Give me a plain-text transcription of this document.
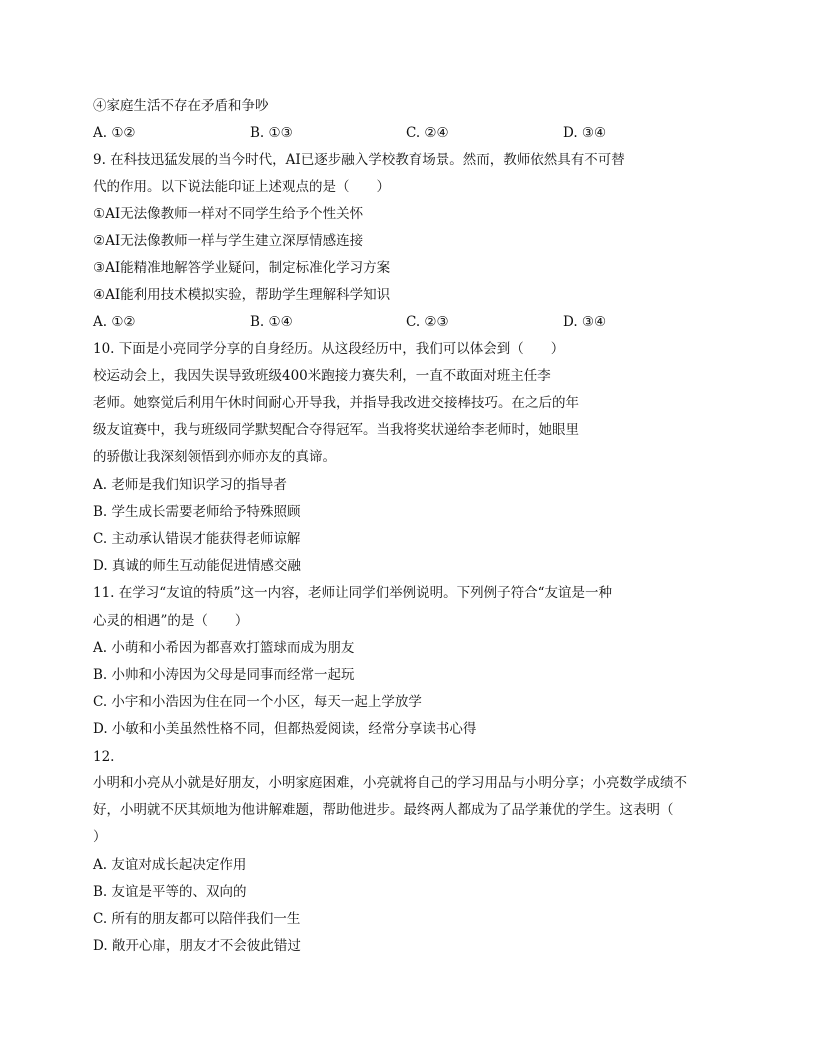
④家庭生活不存在矛盾和争吵
A. ①②	B. ①③	C. ②④	D. ③④
9. 在科技迅猛发展的当今时代，AI已逐步融入学校教育场景。然而，教师依然具有不可替
代的作用。以下说法能印证上述观点的是（　　）
①AI无法像教师一样对不同学生给予个性关怀
②AI无法像教师一样与学生建立深厚情感连接
③AI能精准地解答学业疑问，制定标准化学习方案
④AI能利用技术模拟实验，帮助学生理解科学知识
A. ①②	B. ①④	C. ②③	D. ③④
10. 下面是小亮同学分享的自身经历。从这段经历中，我们可以体会到（　　）
校运动会上，我因失误导致班级400米跑接力赛失利，一直不敢面对班主任李
老师。她察觉后利用午休时间耐心开导我，并指导我改进交接棒技巧。在之后的年
级友谊赛中，我与班级同学默契配合夺得冠军。当我将奖状递给李老师时，她眼里
的骄傲让我深刻领悟到亦师亦友的真谛。
A. 老师是我们知识学习的指导者
B. 学生成长需要老师给予特殊照顾
C. 主动承认错误才能获得老师谅解
D. 真诚的师生互动能促进情感交融
11. 在学习“友谊的特质”这一内容，老师让同学们举例说明。下列例子符合“友谊是一种
心灵的相遇”的是（　　）
A. 小萌和小希因为都喜欢打篮球而成为朋友
B. 小帅和小涛因为父母是同事而经常一起玩
C. 小宇和小浩因为住在同一个小区，每天一起上学放学
D. 小敏和小美虽然性格不同，但都热爱阅读，经常分享读书心得
12.
小明和小亮从小就是好朋友，小明家庭困难，小亮就将自己的学习用品与小明分享；小亮数学成绩不
好，小明就不厌其烦地为他讲解难题，帮助他进步。最终两人都成为了品学兼优的学生。这表明（
）
A. 友谊对成长起决定作用
B. 友谊是平等的、双向的
C. 所有的朋友都可以陪伴我们一生
D. 敞开心扉，朋友才不会彼此错过
